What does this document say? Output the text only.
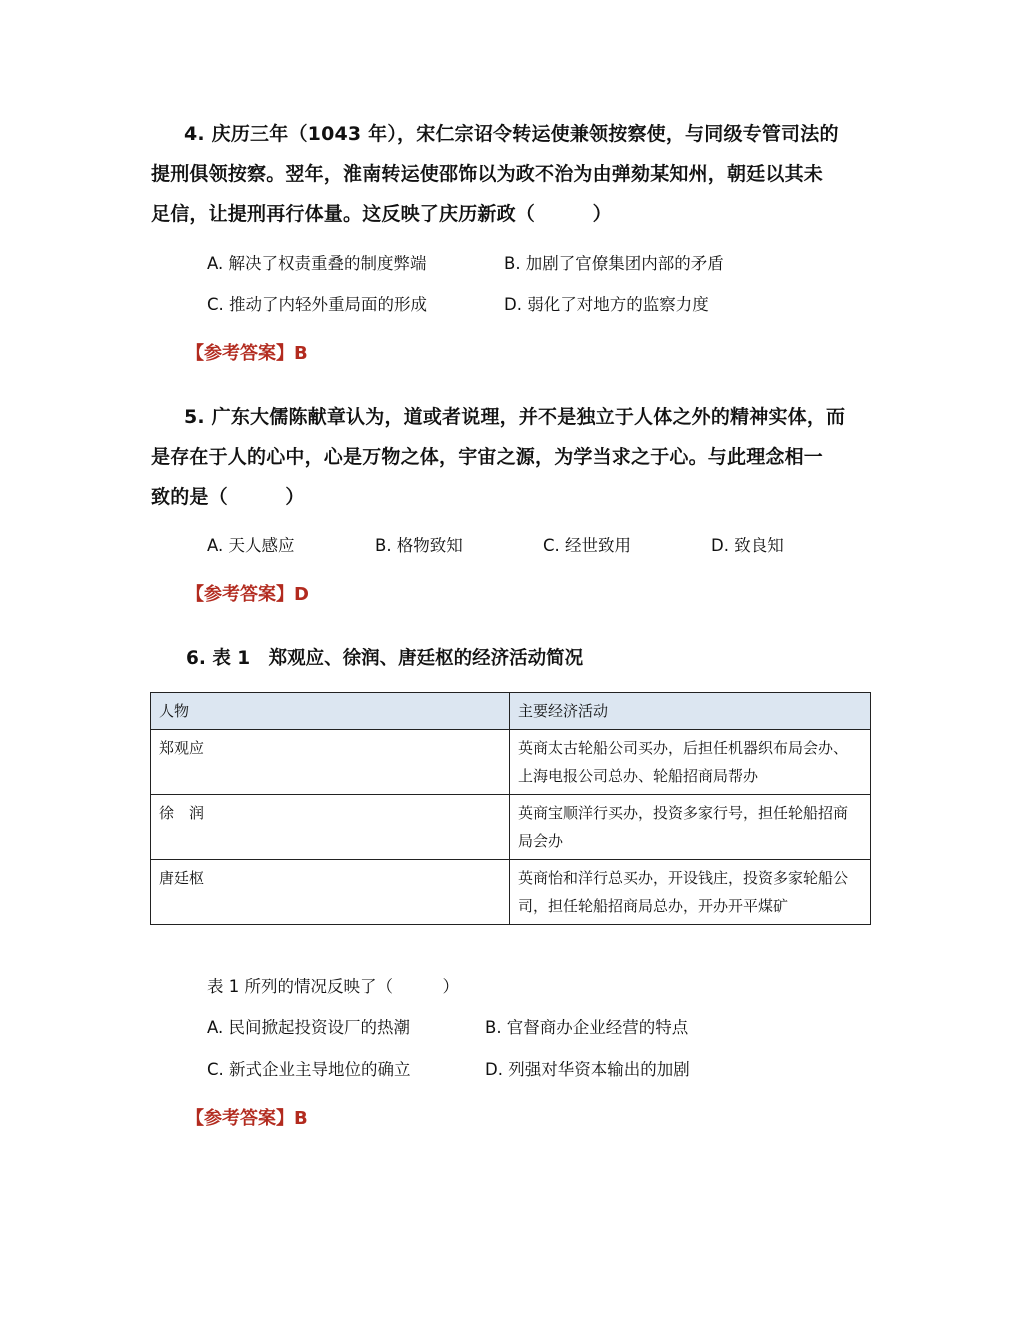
4. 庆历三年（1043 年），宋仁宗诏令转运使兼领按察使，与同级专管司法的
提刑俱领按察。翌年，淮南转运使邵饰以为政不治为由弹劾某知州，朝廷以其未
足信，让提刑再行体量。这反映了庆历新政（　　　）
A. 解决了权责重叠的制度弊端	B. 加剧了官僚集团内部的矛盾
C. 推动了内轻外重局面的形成	D. 弱化了对地方的监察力度
【参考答案】B
5. 广东大儒陈献章认为，道或者说理，并不是独立于人体之外的精神实体，而
是存在于人的心中，心是万物之体，宇宙之源，为学当求之于心。与此理念相一
致的是（　　　）
A. 天人感应	B. 格物致知	C. 经世致用	D. 致良知
【参考答案】D
6. 表 1　郑观应、徐润、唐廷枢的经济活动简况
人物	主要经济活动
郑观应	英商太古轮船公司买办，后担任机器织布局会办、上海电报公司总办、轮船招商局帮办
徐　润	英商宝顺洋行买办，投资多家行号，担任轮船招商局会办
唐廷枢	英商怡和洋行总买办，开设钱庄，投资多家轮船公司，担任轮船招商局总办，开办开平煤矿
表 1 所列的情况反映了（　　　）
A. 民间掀起投资设厂的热潮	B. 官督商办企业经营的特点
C. 新式企业主导地位的确立	D. 列强对华资本输出的加剧
【参考答案】B
